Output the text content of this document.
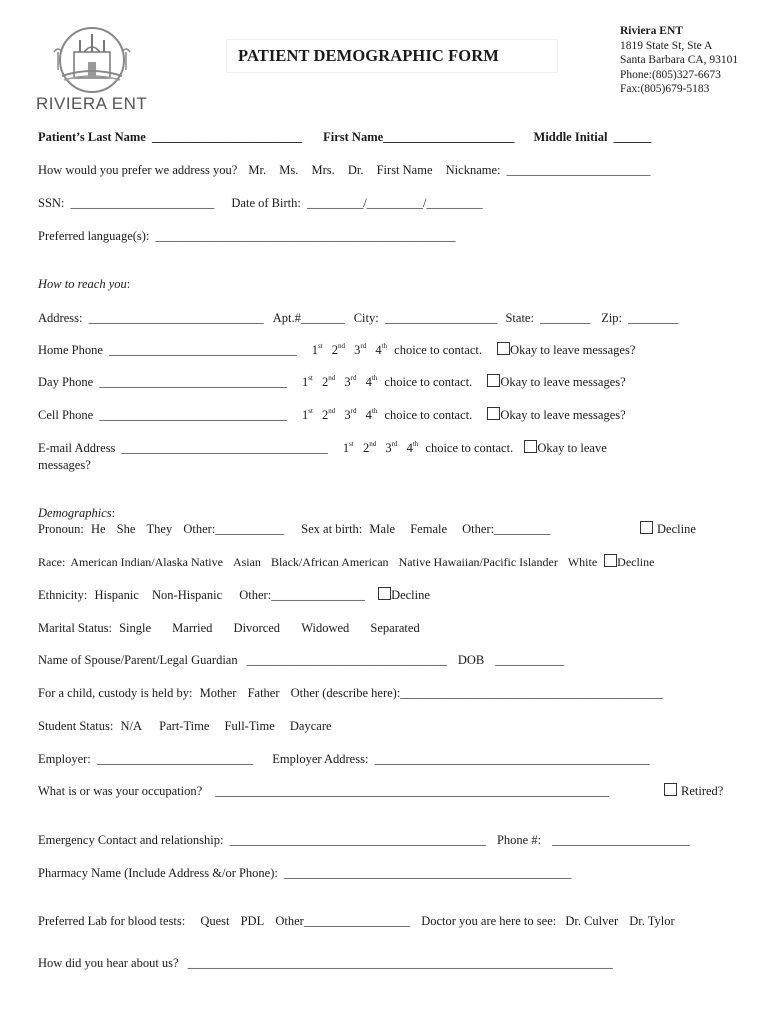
RIVIERA ENT
PATIENT DEMOGRAPHIC FORM
Riviera ENT
1819 State St, Ste A
Santa Barbara CA, 93101
Phone:(805)327-6673
Fax:(805)679-5183
Patient’s Last Name ________________________ First Name_____________________ Middle Initial ______
How would you prefer we address you? Mr. Ms. Mrs. Dr. First Name Nickname: _______________________
SSN: _______________________ Date of Birth: _________/_________/_________
Preferred language(s): ________________________________________________
How to reach you:
Address: ____________________________ Apt.#_______ City: __________________ State: ________ Zip: ________
Home Phone ______________________________ 1st 2nd 3rd 4th choice to contact. Okay to leave messages?
Day Phone ______________________________ 1st 2nd 3rd 4th choice to contact. Okay to leave messages?
Cell Phone ______________________________ 1st 2nd 3rd 4th choice to contact. Okay to leave messages?
E-mail Address _________________________________ 1st 2nd 3rd 4th choice to contact. Okay to leave
messages?
Demographics:
Pronoun: He She They Other:___________ Sex at birth: Male Female Other:_________	Decline
Race: American Indian/Alaska Native Asian Black/African American Native Hawaiian/Pacific Islander White Decline
Ethnicity: Hispanic Non-Hispanic Other:_______________ Decline
Marital Status: Single Married Divorced Widowed Separated
Name of Spouse/Parent/Legal Guardian ________________________________ DOB ___________
For a child, custody is held by: Mother Father Other (describe here):__________________________________________
Student Status: N/A Part-Time Full-Time Daycare
Employer: _________________________ Employer Address: ____________________________________________
What is or was your occupation? _______________________________________________________________	Retired?
Emergency Contact and relationship: _________________________________________ Phone #: ______________________
Pharmacy Name (Include Address &/or Phone): ______________________________________________
Preferred Lab for blood tests: Quest PDL Other_________________ Doctor you are here to see: Dr. Culver Dr. Tylor
How did you hear about us? ____________________________________________________________________
